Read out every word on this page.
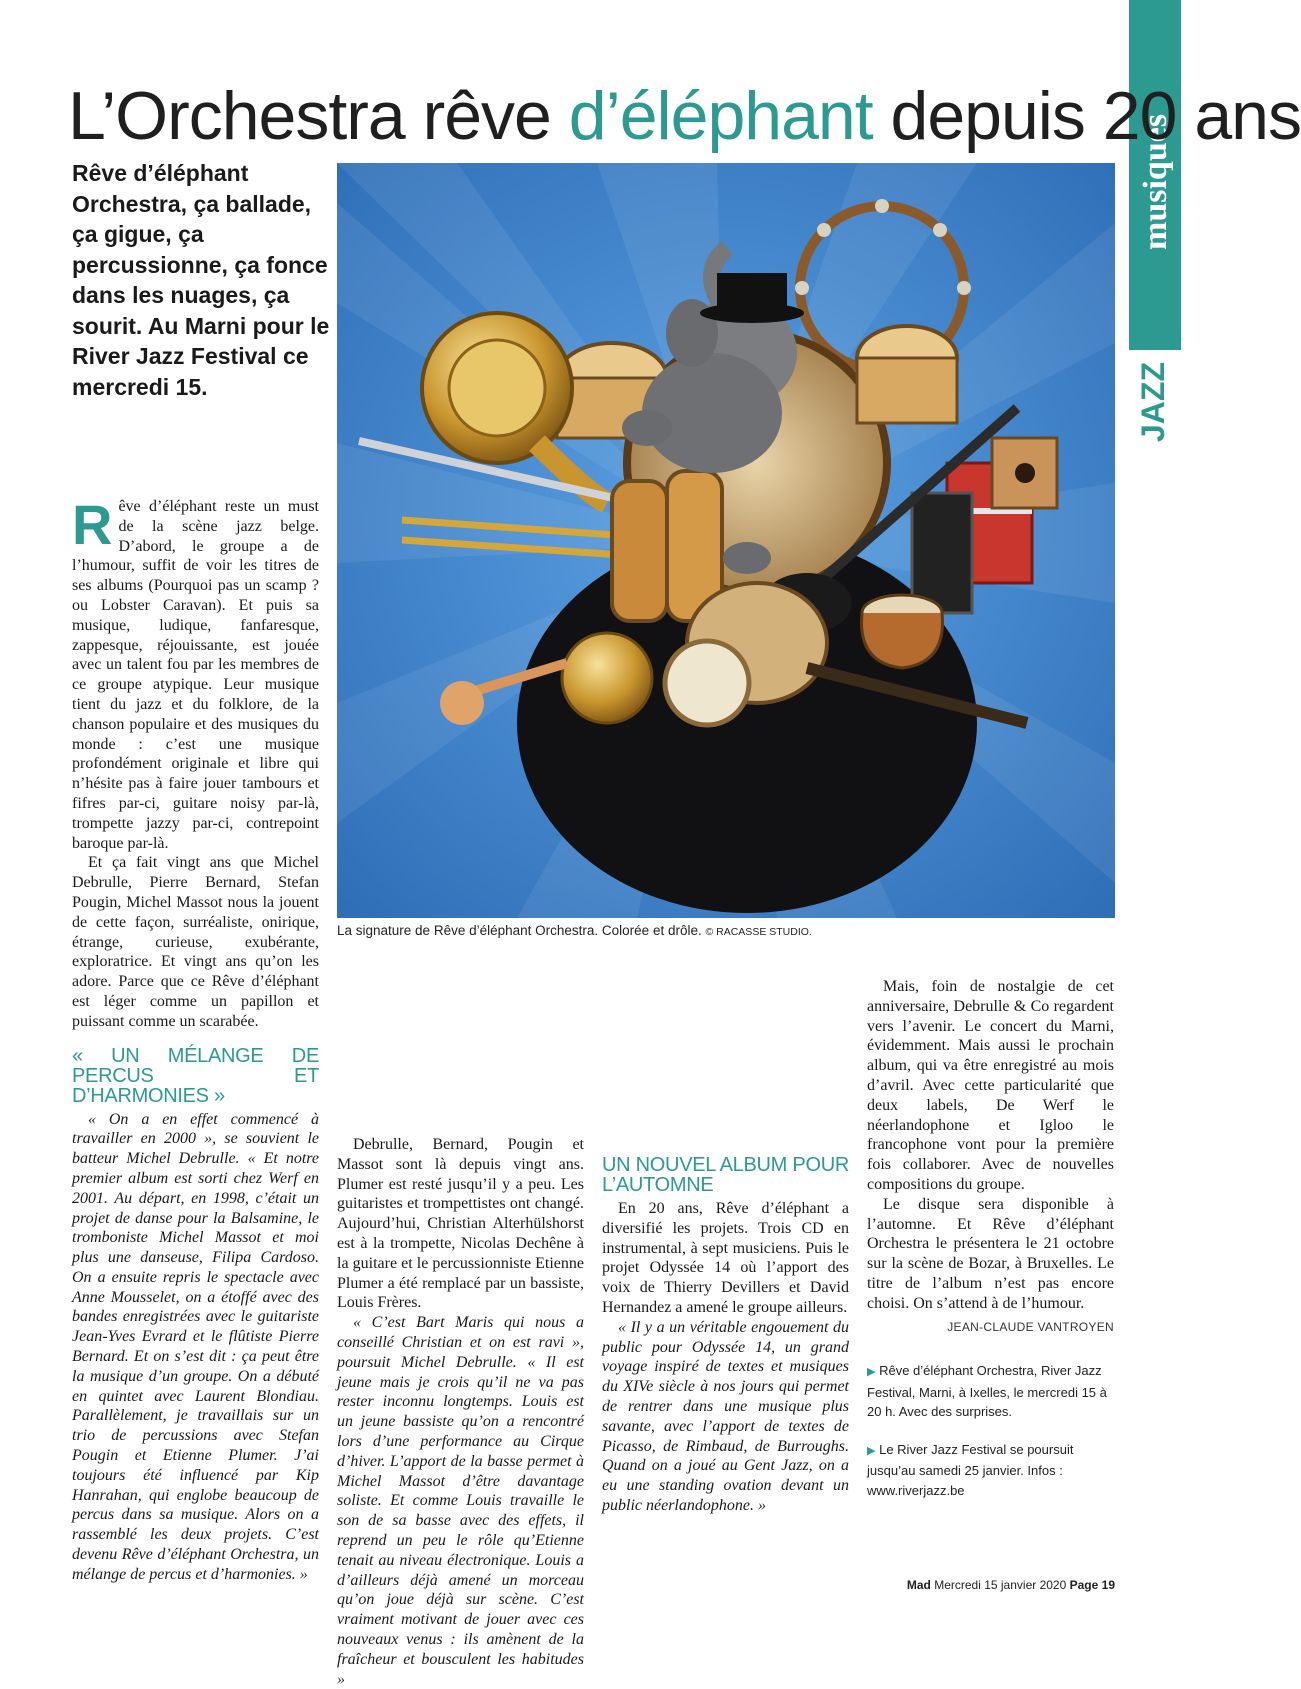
musiques
JAZZ
L’Orchestra rêve d’éléphant depuis 20 ans
Rêve d’éléphant Orchestra, ça ballade, ça gigue, ça percussionne, ça fonce dans les nuages, ça sourit. Au Marni pour le River Jazz Festival ce mercredi 15.
La signature de Rêve d’éléphant Orchestra. Colorée et drôle. © RACASSE STUDIO.

Rêve d’éléphant reste un must de la scène jazz belge. D’abord, le groupe a de l’humour, suffit de voir les titres de ses albums (Pourquoi pas un scamp ? ou Lobster Caravan). Et puis sa musique, ludique, fanfaresque, zappesque, réjouissante, est jouée avec un talent fou par les membres de ce groupe atypique. Leur musique tient du jazz et du folklore, de la chanson populaire et des musiques du monde : c’est une musique profondément originale et libre qui n’hésite pas à faire jouer tambours et fifres par-ci, guitare noisy par-là, trompette jazzy par-ci, contrepoint baroque par-là.

Et ça fait vingt ans que Michel Debrulle, Pierre Bernard, Stefan Pougin, Michel Massot nous la jouent de cette façon, surréaliste, onirique, étrange, curieuse, exubérante, exploratrice. Et vingt ans qu’on les adore. Parce que ce Rêve d’éléphant est léger comme un papillon et puissant comme un scarabée.

« UN MÉLANGE DE PERCUS ET D’HARMONIES »

« On a en effet commencé à travailler en 2000 », se souvient le batteur Michel Debrulle. « Et notre premier album est sorti chez Werf en 2001. Au départ, en 1998, c’était un projet de danse pour la Balsamine, le tromboniste Michel Massot et moi plus une danseuse, Filipa Cardoso. On a ensuite repris le spectacle avec Anne Mousselet, on a étoffé avec des bandes enregistrées avec le guitariste Jean-Yves Evrard et le flûtiste Pierre Bernard. Et on s’est dit : ça peut être la musique d’un groupe. On a débuté en quintet avec Laurent Blondiau. Parallèlement, je travaillais sur un trio de percussions avec Stefan Pougin et Etienne Plumer. J’ai toujours été influencé par Kip Hanrahan, qui englobe beaucoup de percus dans sa musique. Alors on a rassemblé les deux projets. C’est devenu Rêve d’éléphant Orchestra, un mélange de percus et d’harmonies. »

Debrulle, Bernard, Pougin et Massot sont là depuis vingt ans. Plumer est resté jusqu’il y a peu. Les guitaristes et trompettistes ont changé. Aujourd’hui, Christian Alterhülshorst est à la trompette, Nicolas Dechêne à la guitare et le percussionniste Etienne Plumer a été remplacé par un bassiste, Louis Frères.

« C’est Bart Maris qui nous a conseillé Christian et on est ravi », poursuit Michel Debrulle. « Il est jeune mais je crois qu’il ne va pas rester inconnu longtemps. Louis est un jeune bassiste qu’on a rencontré lors d’une performance au Cirque d’hiver. L’apport de la basse permet à Michel Massot d’être davantage soliste. Et comme Louis travaille le son de sa basse avec des effets, il reprend un peu le rôle qu’Etienne tenait au niveau électronique. Louis a d’ailleurs déjà amené un morceau qu’on joue déjà sur scène. C’est vraiment motivant de jouer avec ces nouveaux venus : ils amènent de la fraîcheur et bousculent les habitudes »

UN NOUVEL ALBUM POUR L’AUTOMNE

En 20 ans, Rêve d’éléphant a diversifié les projets. Trois CD en instrumental, à sept musiciens. Puis le projet Odyssée 14 où l’apport des voix de Thierry Devillers et David Hernandez a amené le groupe ailleurs.

« Il y a un véritable engouement du public pour Odyssée 14, un grand voyage inspiré de textes et musiques du XIVe siècle à nos jours qui permet de rentrer dans une musique plus savante, avec l’apport de textes de Picasso, de Rimbaud, de Burroughs. Quand on a joué au Gent Jazz, on a eu une standing ovation devant un public néerlandophone. »

Mais, foin de nostalgie de cet anniversaire, Debrulle & Co regardent vers l’avenir. Le concert du Marni, évidemment. Mais aussi le prochain album, qui va être enregistré au mois d’avril. Avec cette particularité que deux labels, De Werf le néerlandophone et Igloo le francophone vont pour la première fois collaborer. Avec de nouvelles compositions du groupe.

Le disque sera disponible à l’automne. Et Rêve d’éléphant Orchestra le présentera le 21 octobre sur la scène de Bozar, à Bruxelles. Le titre de l’album n’est pas encore choisi. On s’attend à de l’humour.

JEAN-CLAUDE VANTROYEN
▶ Rêve d’éléphant Orchestra, River Jazz Festival, Marni, à Ixelles, le mercredi 15 à 20 h. Avec des surprises.
▶ Le River Jazz Festival se poursuit jusqu’au samedi 25 janvier. Infos : www.riverjazz.be
Mad Mercredi 15 janvier 2020 Page 19
